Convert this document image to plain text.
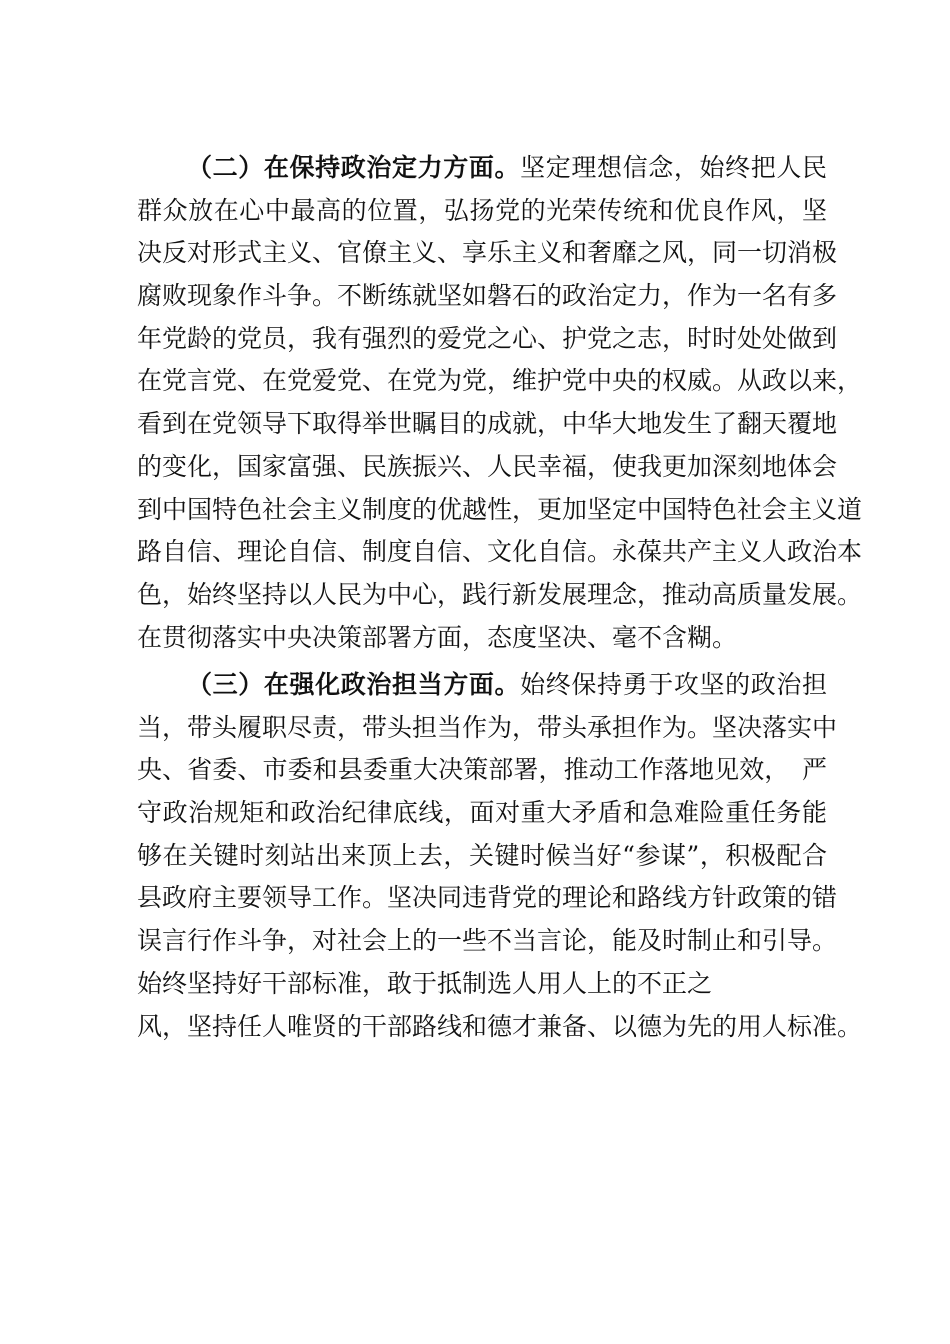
（二）在保持政治定力方面。坚定理想信念，始终把人民
群众放在心中最高的位置，弘扬党的光荣传统和优良作风，坚
决反对形式主义、官僚主义、享乐主义和奢靡之风，同一切消极
腐败现象作斗争。不断练就坚如磐石的政治定力，作为一名有多
年党龄的党员，我有强烈的爱党之心、护党之志，时时处处做到
在党言党、在党爱党、在党为党，维护党中央的权威。从政以来，
看到在党领导下取得举世瞩目的成就，中华大地发生了翻天覆地
的变化，国家富强、民族振兴、人民幸福，使我更加深刻地体会
到中国特色社会主义制度的优越性，更加坚定中国特色社会主义道
路自信、理论自信、制度自信、文化自信。永葆共产主义人政治本
色，始终坚持以人民为中心，践行新发展理念，推动高质量发展。
在贯彻落实中央决策部署方面，态度坚决、毫不含糊。
（三）在强化政治担当方面。始终保持勇于攻坚的政治担
当，带头履职尽责，带头担当作为，带头承担作为。坚决落实中
央、省委、市委和县委重大决策部署，推动工作落地见效，　严
守政治规矩和政治纪律底线，面对重大矛盾和急难险重任务能
够在关键时刻站出来顶上去，关键时候当好“参谋”，积极配合
县政府主要领导工作。坚决同违背党的理论和路线方针政策的错
误言行作斗争，对社会上的一些不当言论，能及时制止和引导。
始终坚持好干部标准，敢于抵制选人用人上的不正之
风，坚持任人唯贤的干部路线和德才兼备、以德为先的用人标准。
